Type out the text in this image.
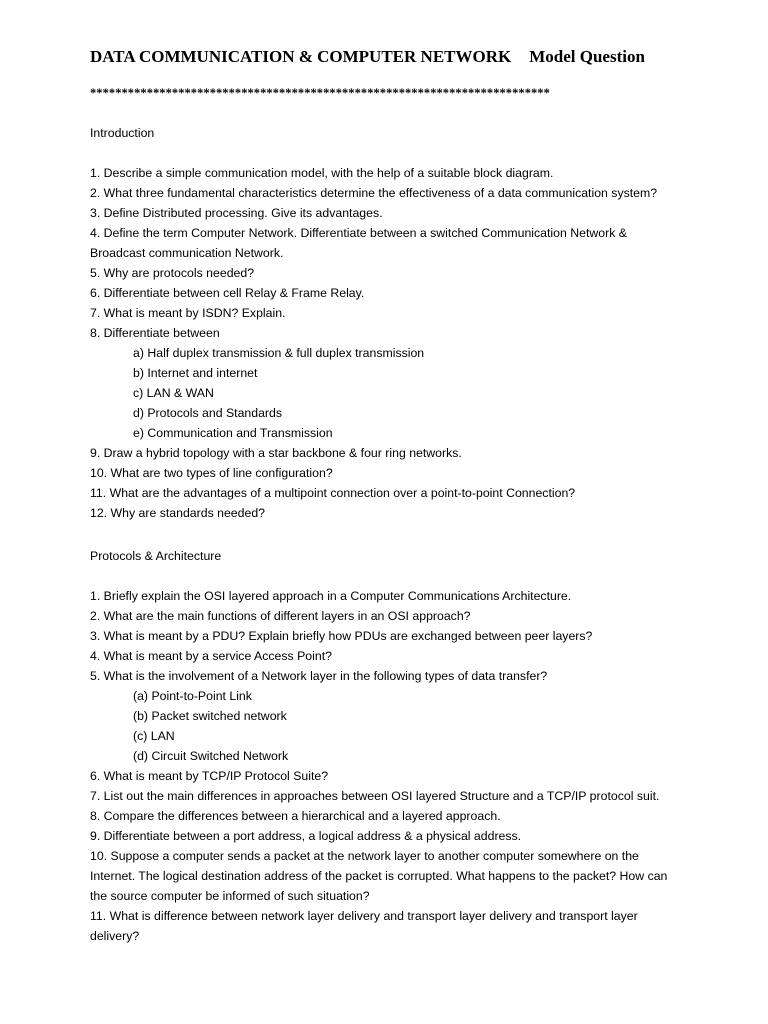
DATA COMMUNICATION & COMPUTER NETWORK Model Question
*************************************************************************
Introduction
1. Describe a simple communication model, with the help of a suitable block diagram.
2. What three fundamental characteristics determine the effectiveness of a data communication system?
3. Define Distributed processing. Give its advantages.
4. Define the term Computer Network. Differentiate between a switched Communication Network & Broadcast communication Network.
5. Why are protocols needed?
6. Differentiate between cell Relay & Frame Relay.
7. What is meant by ISDN? Explain.
8. Differentiate between
a) Half duplex transmission & full duplex transmission
b) Internet and internet
c) LAN & WAN
d) Protocols and Standards
e) Communication and Transmission
9. Draw a hybrid topology with a star backbone & four ring networks.
10. What are two types of line configuration?
11. What are the advantages of a multipoint connection over a point-to-point Connection?
12. Why are standards needed?
Protocols & Architecture
1. Briefly explain the OSI layered approach in a Computer Communications Architecture.
2. What are the main functions of different layers in an OSI approach?
3. What is meant by a PDU? Explain briefly how PDUs are exchanged between peer layers?
4. What is meant by a service Access Point?
5. What is the involvement of a Network layer in the following types of data transfer?
(a) Point-to-Point Link
(b) Packet switched network
(c) LAN
(d) Circuit Switched Network
6. What is meant by TCP/IP Protocol Suite?
7. List out the main differences in approaches between OSI layered Structure and a TCP/IP protocol suit.
8. Compare the differences between a hierarchical and a layered approach.
9. Differentiate between a port address, a logical address & a physical address.
10. Suppose a computer sends a packet at the network layer to another computer somewhere on the Internet. The logical destination address of the packet is corrupted. What happens to the packet? How can the source computer be informed of such situation?
11. What is difference between network layer delivery and transport layer delivery and transport layer delivery?
